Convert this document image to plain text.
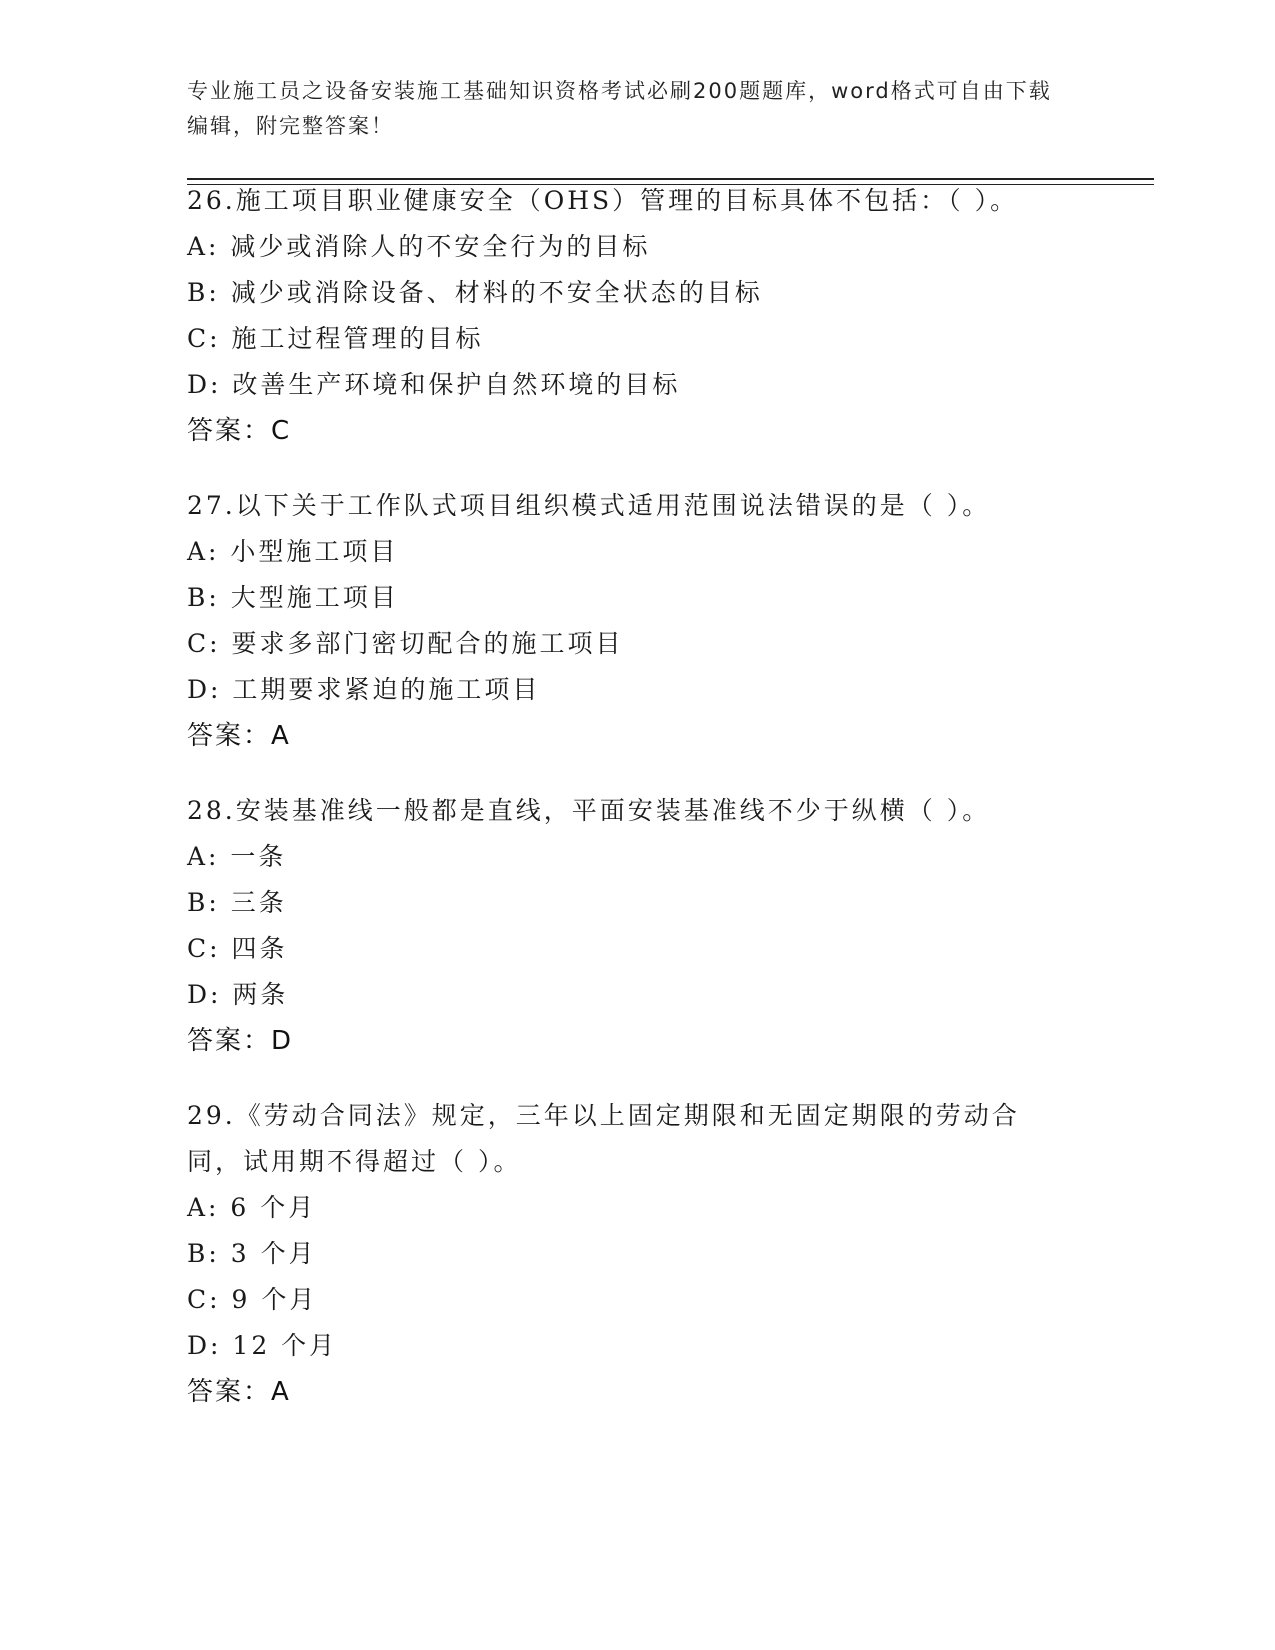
专业施工员之设备安装施工基础知识资格考试必刷200题题库，word格式可自由下载编辑，附完整答案！

26.施工项目职业健康安全（OHS）管理的目标具体不包括：（ ）。

A: 减少或消除人的不安全行为的目标

B: 减少或消除设备、材料的不安全状态的目标

C: 施工过程管理的目标

D: 改善生产环境和保护自然环境的目标

答案：C

27.以下关于工作队式项目组织模式适用范围说法错误的是（ ）。

A: 小型施工项目

B: 大型施工项目

C: 要求多部门密切配合的施工项目

D: 工期要求紧迫的施工项目

答案：A

28.安装基准线一般都是直线，平面安装基准线不少于纵横（ ）。

A: 一条

B: 三条

C: 四条

D: 两条

答案：D

29.《劳动合同法》规定，三年以上固定期限和无固定期限的劳动合同，试用期不得超过（ ）。

A: 6 个月

B: 3 个月

C: 9 个月

D: 12 个月

答案：A
